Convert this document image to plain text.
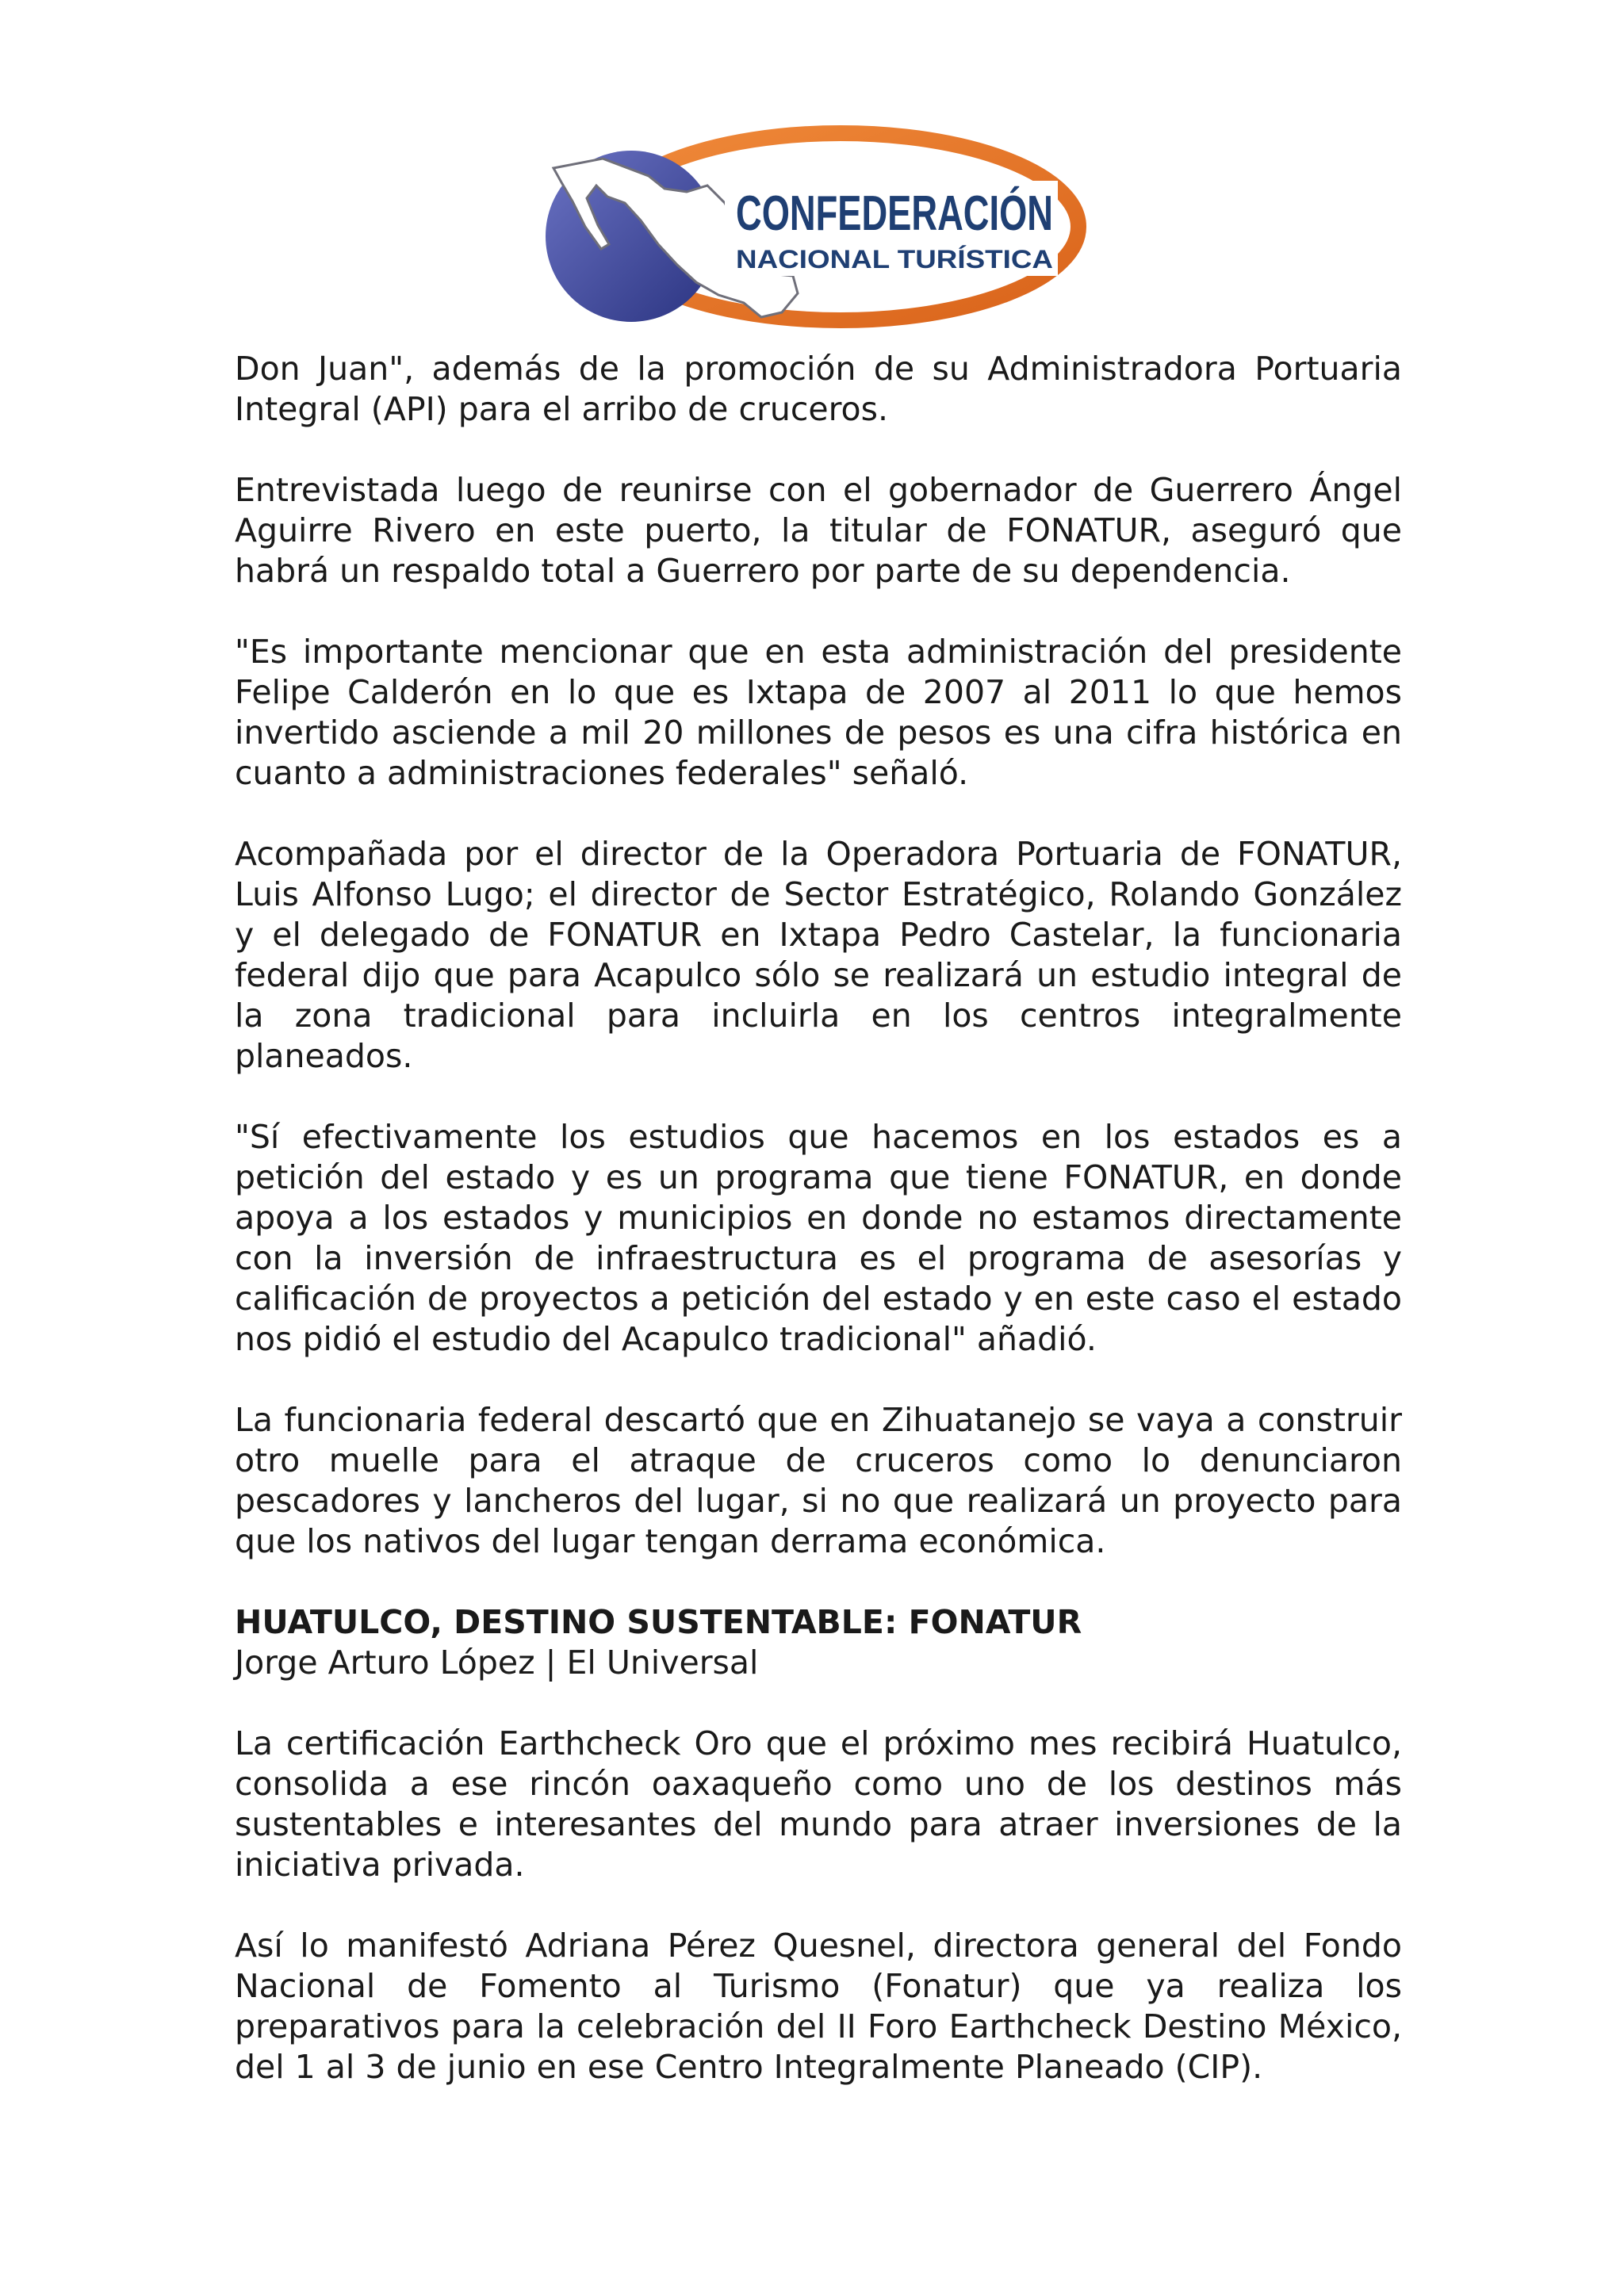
CONFEDERACIÓN
NACIONAL TURÍSTICA

Don Juan", además de la promoción de su Administradora Portuaria Integral (API) para el arribo de cruceros.

Entrevistada luego de reunirse con el gobernador de Guerrero Ángel Aguirre Rivero en este puerto, la titular de FONATUR, aseguró que habrá un respaldo total a Guerrero por parte de su dependencia.

"Es importante mencionar que en esta administración del presidente Felipe Calderón en lo que es Ixtapa de 2007 al 2011 lo que hemos invertido asciende a mil 20 millones de pesos es una cifra histórica en cuanto a administraciones federales" señaló.

Acompañada por el director de la Operadora Portuaria de FONATUR, Luis Alfonso Lugo; el director de Sector Estratégico, Rolando González y el delegado de FONATUR en Ixtapa Pedro Castelar, la funcionaria federal dijo que para Acapulco sólo se realizará un estudio integral de la zona tradicional para incluirla en los centros integralmente planeados.

"Sí efectivamente los estudios que hacemos en los estados es a petición del estado y es un programa que tiene FONATUR, en donde apoya a los estados y municipios en donde no estamos directamente con la inversión de infraestructura es el programa de asesorías y calificación de proyectos a petición del estado y en este caso el estado nos pidió el estudio del Acapulco tradicional" añadió.

La funcionaria federal descartó que en Zihuatanejo se vaya a construir otro muelle para el atraque de cruceros como lo denunciaron pescadores y lancheros del lugar, si no que realizará un proyecto para que los nativos del lugar tengan derrama económica.

HUATULCO, DESTINO SUSTENTABLE: FONATUR

Jorge Arturo López | El Universal

La certificación Earthcheck Oro que el próximo mes recibirá Huatulco, consolida a ese rincón oaxaqueño como uno de los destinos más sustentables e interesantes del mundo para atraer inversiones de la iniciativa privada.

Así lo manifestó Adriana Pérez Quesnel, directora general del Fondo Nacional de Fomento al Turismo (Fonatur) que ya realiza los preparativos para la celebración del II Foro Earthcheck Destino México, del 1 al 3 de junio en ese Centro Integralmente Planeado (CIP).
